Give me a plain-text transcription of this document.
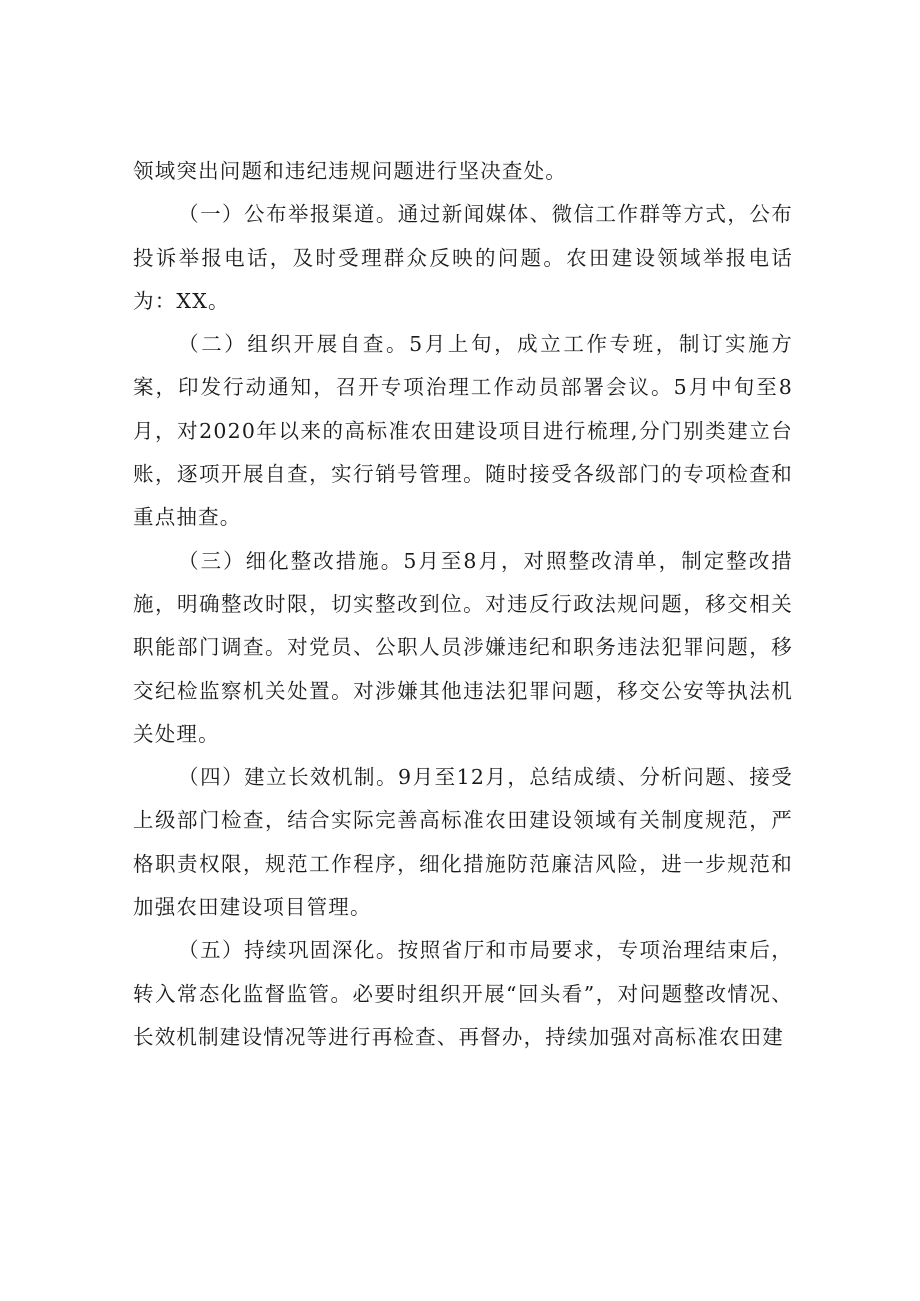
领域突出问题和违纪违规问题进行坚决查处。

（一）公布举报渠道。通过新闻媒体、微信工作群等方式，公布投诉举报电话，及时受理群众反映的问题。农田建设领域举报电话为：XX。

（二）组织开展自查。5月上旬，成立工作专班，制订实施方案，印发行动通知，召开专项治理工作动员部署会议。5月中旬至8月，对2020年以来的高标准农田建设项目进行梳理,分门别类建立台账，逐项开展自查，实行销号管理。随时接受各级部门的专项检查和重点抽查。

（三）细化整改措施。5月至8月，对照整改清单，制定整改措施，明确整改时限，切实整改到位。对违反行政法规问题，移交相关职能部门调查。对党员、公职人员涉嫌违纪和职务违法犯罪问题，移交纪检监察机关处置。对涉嫌其他违法犯罪问题，移交公安等执法机关处理。

（四）建立长效机制。9月至12月，总结成绩、分析问题、接受上级部门检查，结合实际完善高标准农田建设领域有关制度规范，严格职责权限，规范工作程序，细化措施防范廉洁风险，进一步规范和加强农田建设项目管理。

（五）持续巩固深化。按照省厅和市局要求，专项治理结束后，转入常态化监督监管。必要时组织开展“回头看”，对问题整改情况、长效机制建设情况等进行再检查、再督办，持续加强对高标准农田建
